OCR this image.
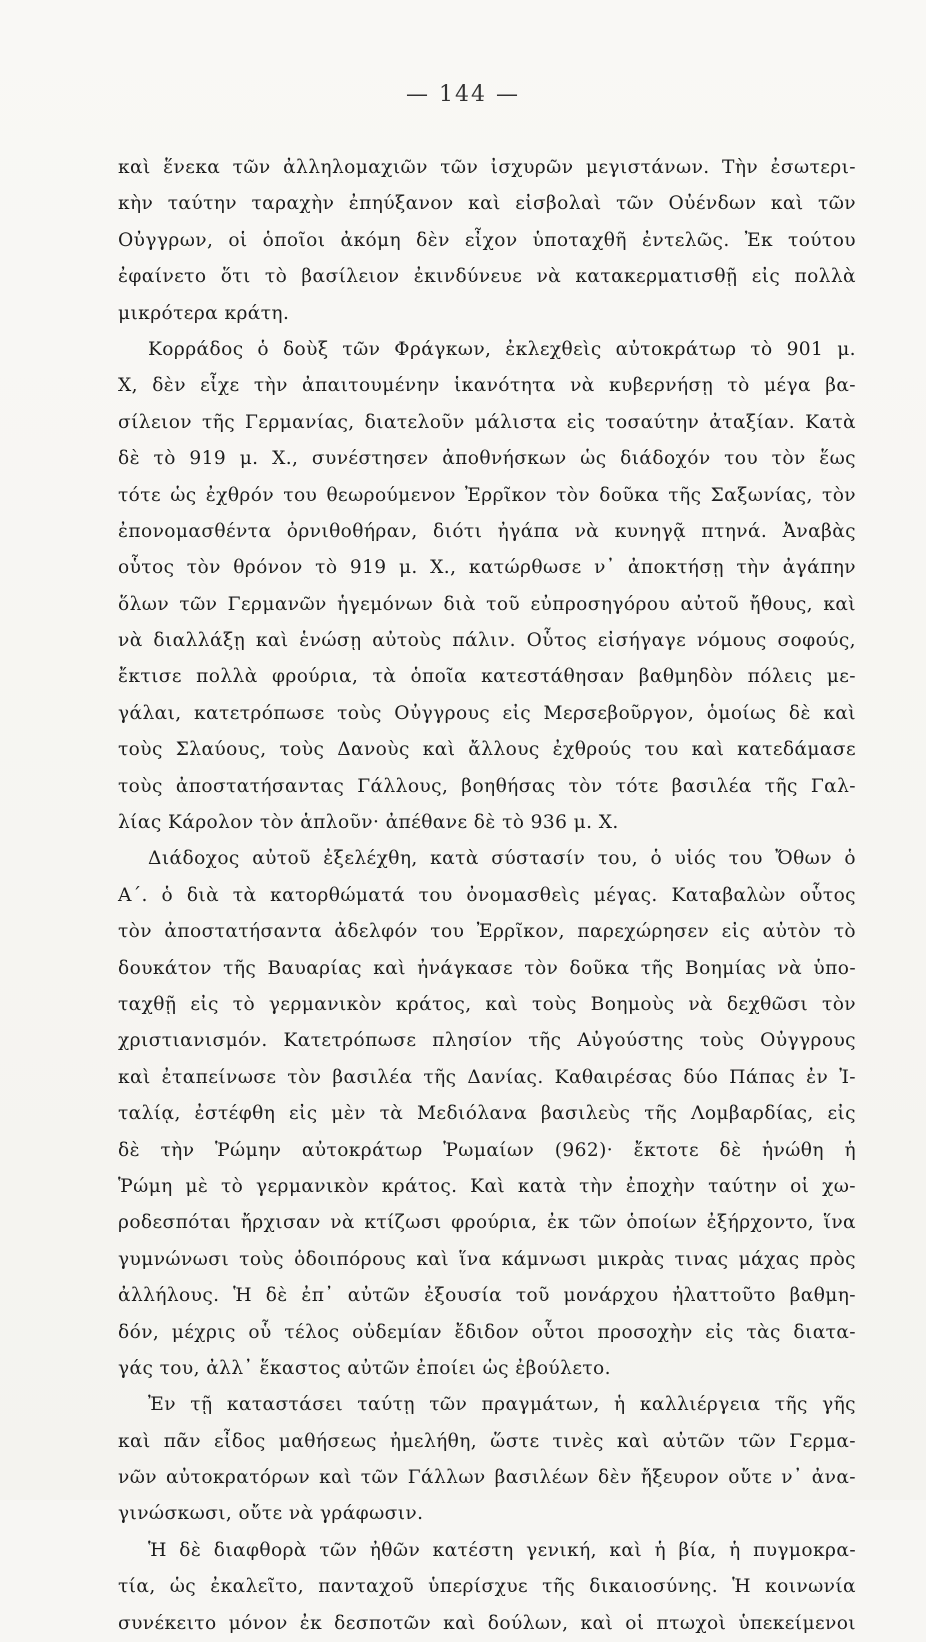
— 144 —
καὶ ἕνεκα τῶν ἀλληλομαχιῶν τῶν ἰσχυρῶν μεγιστάνων. Τὴν ἐσωτερι-
κὴν ταύτην ταραχὴν ἐπηύξανον καὶ εἰσβολαὶ τῶν Οὐένδων καὶ τῶν
Οὐγγρων, οἱ ὁποῖοι ἀκόμη δὲν εἶχον ὑποταχθῆ ἐντελῶς. Ἐκ τούτου
ἐφαίνετο ὅτι τὸ βασίλειον ἐκινδύνευε νὰ κατακερματισθῇ εἰς πολλὰ
μικρότερα κράτη.
Κορράδος ὁ δοὺξ τῶν Φράγκων, ἐκλεχθεὶς αὐτοκράτωρ τὸ 901 μ.
Χ, δὲν εἶχε τὴν ἀπαιτουμένην ἱκανότητα νὰ κυβερνήσῃ τὸ μέγα βα-
σίλειον τῆς Γερμανίας, διατελοῦν μάλιστα εἰς τοσαύτην ἀταξίαν. Κατὰ
δὲ τὸ 919 μ. Χ., συνέστησεν ἀποθνήσκων ὡς διάδοχόν του τὸν ἕως
τότε ὡς ἐχθρόν του θεωρούμενον Ἐρρῖκον τὸν δοῦκα τῆς Σαξωνίας, τὸν
ἐπονομασθέντα ὀρνιθοθήραν, διότι ἠγάπα νὰ κυνηγᾷ πτηνά. Ἀναβὰς
οὗτος τὸν θρόνον τὸ 919 μ. Χ., κατώρθωσε ν᾽ ἀποκτήσῃ τὴν ἀγάπην
ὅλων τῶν Γερμανῶν ἡγεμόνων διὰ τοῦ εὐπροσηγόρου αὐτοῦ ἤθους, καὶ
νὰ διαλλάξῃ καὶ ἑνώσῃ αὐτοὺς πάλιν. Οὗτος εἰσήγαγε νόμους σοφούς,
ἔκτισε πολλὰ φρούρια, τὰ ὁποῖα κατεστάθησαν βαθμηδὸν πόλεις με-
γάλαι, κατετρόπωσε τοὺς Οὐγγρους εἰς Μερσεβοῦργον, ὁμοίως δὲ καὶ
τοὺς Σλαύους, τοὺς Δανοὺς καὶ ἄλλους ἐχθρούς του καὶ κατεδάμασε
τοὺς ἀποστατήσαντας Γάλλους, βοηθήσας τὸν τότε βασιλέα τῆς Γαλ-
λίας Κάρολον τὸν ἁπλοῦν· ἀπέθανε δὲ τὸ 936 μ. Χ.
Διάδοχος αὐτοῦ ἐξελέχθη, κατὰ σύστασίν του, ὁ υἱός του Ὄθων ὁ
Α΄. ὁ διὰ τὰ κατορθώματά του ὀνομασθεὶς μέγας. Καταβαλὼν οὗτος
τὸν ἀποστατήσαντα ἀδελφόν του Ἐρρῖκον, παρεχώρησεν εἰς αὐτὸν τὸ
δουκάτον τῆς Βαυαρίας καὶ ἠνάγκασε τὸν δοῦκα τῆς Βοημίας νὰ ὑπο-
ταχθῇ εἰς τὸ γερμανικὸν κράτος, καὶ τοὺς Βοημοὺς νὰ δεχθῶσι τὸν
χριστιανισμόν. Κατετρόπωσε πλησίον τῆς Αὐγούστης τοὺς Οὐγγρους
καὶ ἐταπείνωσε τὸν βασιλέα τῆς Δανίας. Καθαιρέσας δύο Πάπας ἐν Ἰ-
ταλίᾳ, ἐστέφθη εἰς μὲν τὰ Μεδιόλανα βασιλεὺς τῆς Λομβαρδίας, εἰς
δὲ τὴν Ῥώμην αὐτοκράτωρ Ῥωμαίων (962)· ἔκτοτε δὲ ἡνώθη ἡ
Ῥώμη μὲ τὸ γερμανικὸν κράτος. Καὶ κατὰ τὴν ἐποχὴν ταύτην οἱ χω-
ροδεσπόται ἤρχισαν νὰ κτίζωσι φρούρια, ἐκ τῶν ὁποίων ἐξήρχοντο, ἵνα
γυμνώνωσι τοὺς ὁδοιπόρους καὶ ἵνα κάμνωσι μικρὰς τινας μάχας πρὸς
ἀλλήλους. Ἡ δὲ ἐπ᾽ αὐτῶν ἐξουσία τοῦ μονάρχου ἠλαττοῦτο βαθμη-
δόν, μέχρις οὗ τέλος οὐδεμίαν ἔδιδον οὗτοι προσοχὴν εἰς τὰς διατα-
γάς του, ἀλλ᾽ ἕκαστος αὐτῶν ἐποίει ὡς ἐβούλετο.
Ἐν τῇ καταστάσει ταύτῃ τῶν πραγμάτων, ἡ καλλιέργεια τῆς γῆς
καὶ πᾶν εἶδος μαθήσεως ἠμελήθη, ὥστε τινὲς καὶ αὐτῶν τῶν Γερμα-
νῶν αὐτοκρατόρων καὶ τῶν Γάλλων βασιλέων δὲν ἤξευρον οὔτε ν᾽ ἀνα-
γινώσκωσι, οὔτε νὰ γράφωσιν.
Ἡ δὲ διαφθορὰ τῶν ἠθῶν κατέστη γενική, καὶ ἡ βία, ἡ πυγμοκρα-
τία, ὡς ἐκαλεῖτο, πανταχοῦ ὑπερίσχυε τῆς δικαιοσύνης. Ἡ κοινωνία
συνέκειτο μόνον ἐκ δεσποτῶν καὶ δούλων, καὶ οἱ πτωχοὶ ὑπεκείμενοι
